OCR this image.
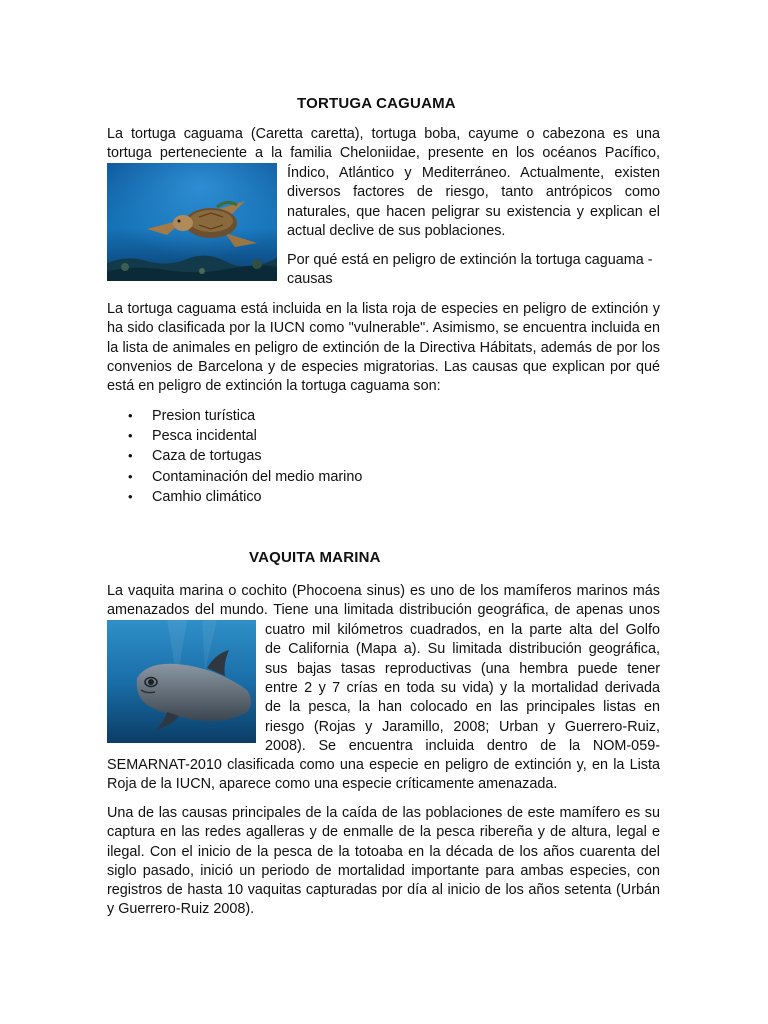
TORTUGA CAGUAMA

La tortuga caguama (Caretta caretta), tortuga boba, cayume o cabezona es una

tortuga perteneciente a la familia Cheloniidae, presente en los océanos Pacífico,

Índico, Atlántico y Mediterráneo. Actualmente, existen

diversos factores de riesgo, tanto antrópicos como

naturales, que hacen peligrar su existencia y explican el

actual declive de sus poblaciones.

Por qué está en peligro de extinción la tortuga caguama - causas

La tortuga caguama está incluida en la lista roja de especies en peligro de extinción y ha sido clasificada por la IUCN como "vulnerable". Asimismo, se encuentra incluida en la lista de animales en peligro de extinción de la Directiva Hábitats, además de por los convenios de Barcelona y de especies migratorias. Las causas que explican por qué está en peligro de extinción la tortuga caguama son:

• Presion turística
• Pesca incidental
• Caza de tortugas
• Contaminación del medio marino
• Camhio climático
VAQUITA MARINA

La vaquita marina o cochito (Phocoena sinus) es uno de los mamíferos marinos más

amenazados del mundo. Tiene una limitada distribución geográfica, de apenas unos

cuatro mil kilómetros cuadrados, en la parte alta del Golfo

de California (Mapa a). Su limitada distribución geográfica,

sus bajas tasas reproductivas (una hembra puede tener

entre 2 y 7 crías en toda su vida) y la mortalidad derivada

de la pesca, la han colocado en las principales listas en

riesgo (Rojas y Jaramillo, 2008; Urban y Guerrero-Ruiz,

2008). Se encuentra incluida dentro de la NOM-059-

SEMARNAT-2010 clasificada como una especie en peligro de extinción y, en la Lista

Roja de la IUCN, aparece como una especie críticamente amenazada.

Una de las causas principales de la caída de las poblaciones de este mamífero es su captura en las redes agalleras y de enmalle de la pesca ribereña y de altura, legal e ilegal. Con el inicio de la pesca de la totoaba en la década de los años cuarenta del siglo pasado, inició un periodo de mortalidad importante para ambas especies, con registros de hasta 10 vaquitas capturadas por día al inicio de los años setenta (Urbán y Guerrero-Ruiz 2008).
